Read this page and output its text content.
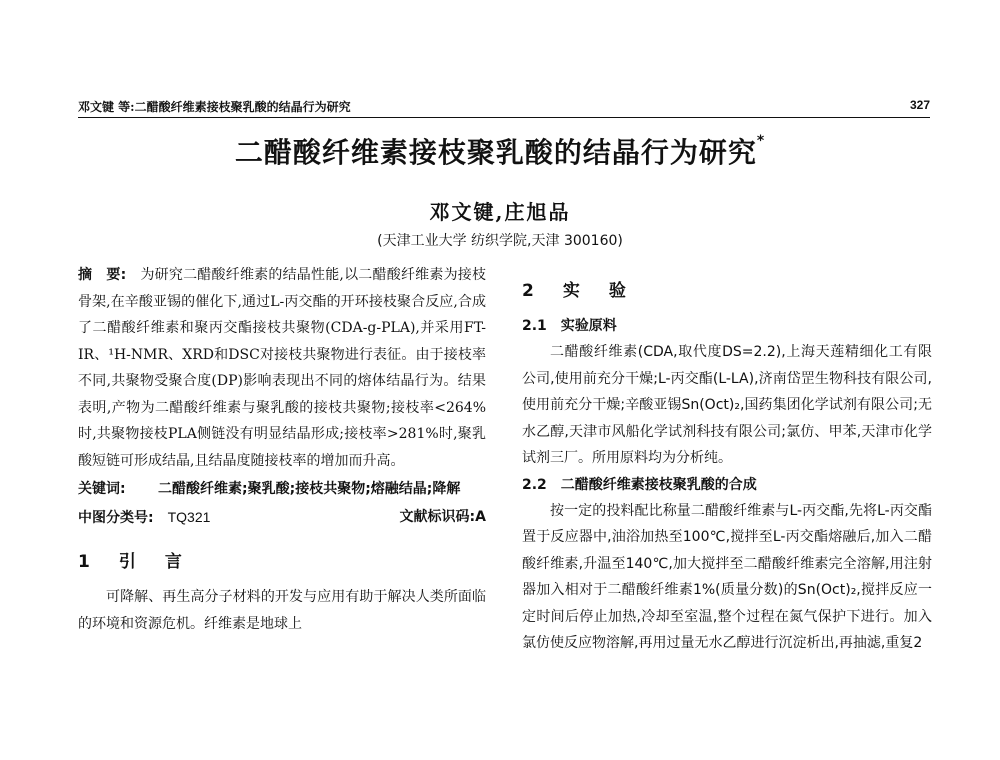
邓文键 等:二醋酸纤维素接枝聚乳酸的结晶行为研究	327
二醋酸纤维素接枝聚乳酸的结晶行为研究*
邓文键,庄旭品
(天津工业大学 纺织学院,天津 300160)
摘　要: 为研究二醋酸纤维素的结晶性能,以二醋酸纤维素为接枝骨架,在辛酸亚锡的催化下,通过L-丙交酯的开环接枝聚合反应,合成了二醋酸纤维素和聚丙交酯接枝共聚物(CDA-g-PLA),并采用FT-IR、¹H-NMR、XRD和DSC对接枝共聚物进行表征。由于接枝率不同,共聚物受聚合度(DP)影响表现出不同的熔体结晶行为。结果表明,产物为二醋酸纤维素与聚乳酸的接枝共聚物;接枝率<264%时,共聚物接枝PLA侧链没有明显结晶形成;接枝率>281%时,聚乳酸短链可形成结晶,且结晶度随接枝率的增加而升高。
关键词:	二醋酸纤维素;聚乳酸;接枝共聚物;熔融结晶;降解
中图分类号: TQ321	文献标识码:A
1　引　言
可降解、再生高分子材料的开发与应用有助于解决人类所面临的环境和资源危机。纤维素是地球上
2　实　验
2.1　实验原料
二醋酸纤维素(CDA,取代度DS=2.2),上海天莲精细化工有限公司,使用前充分干燥;L-丙交酯(L-LA),济南岱罡生物科技有限公司,使用前充分干燥;辛酸亚锡Sn(Oct)₂,国药集团化学试剂有限公司;无水乙醇,天津市风船化学试剂科技有限公司;氯仿、甲苯,天津市化学试剂三厂。所用原料均为分析纯。
2.2　二醋酸纤维素接枝聚乳酸的合成
按一定的投料配比称量二醋酸纤维素与L-丙交酯,先将L-丙交酯置于反应器中,油浴加热至100℃,搅拌至L-丙交酯熔融后,加入二醋酸纤维素,升温至140℃,加大搅拌至二醋酸纤维素完全溶解,用注射器加入相对于二醋酸纤维素1%(质量分数)的Sn(Oct)₂,搅拌反应一定时间后停止加热,冷却至室温,整个过程在氮气保护下进行。加入氯仿使反应物溶解,再用过量无水乙醇进行沉淀析出,再抽滤,重复2
